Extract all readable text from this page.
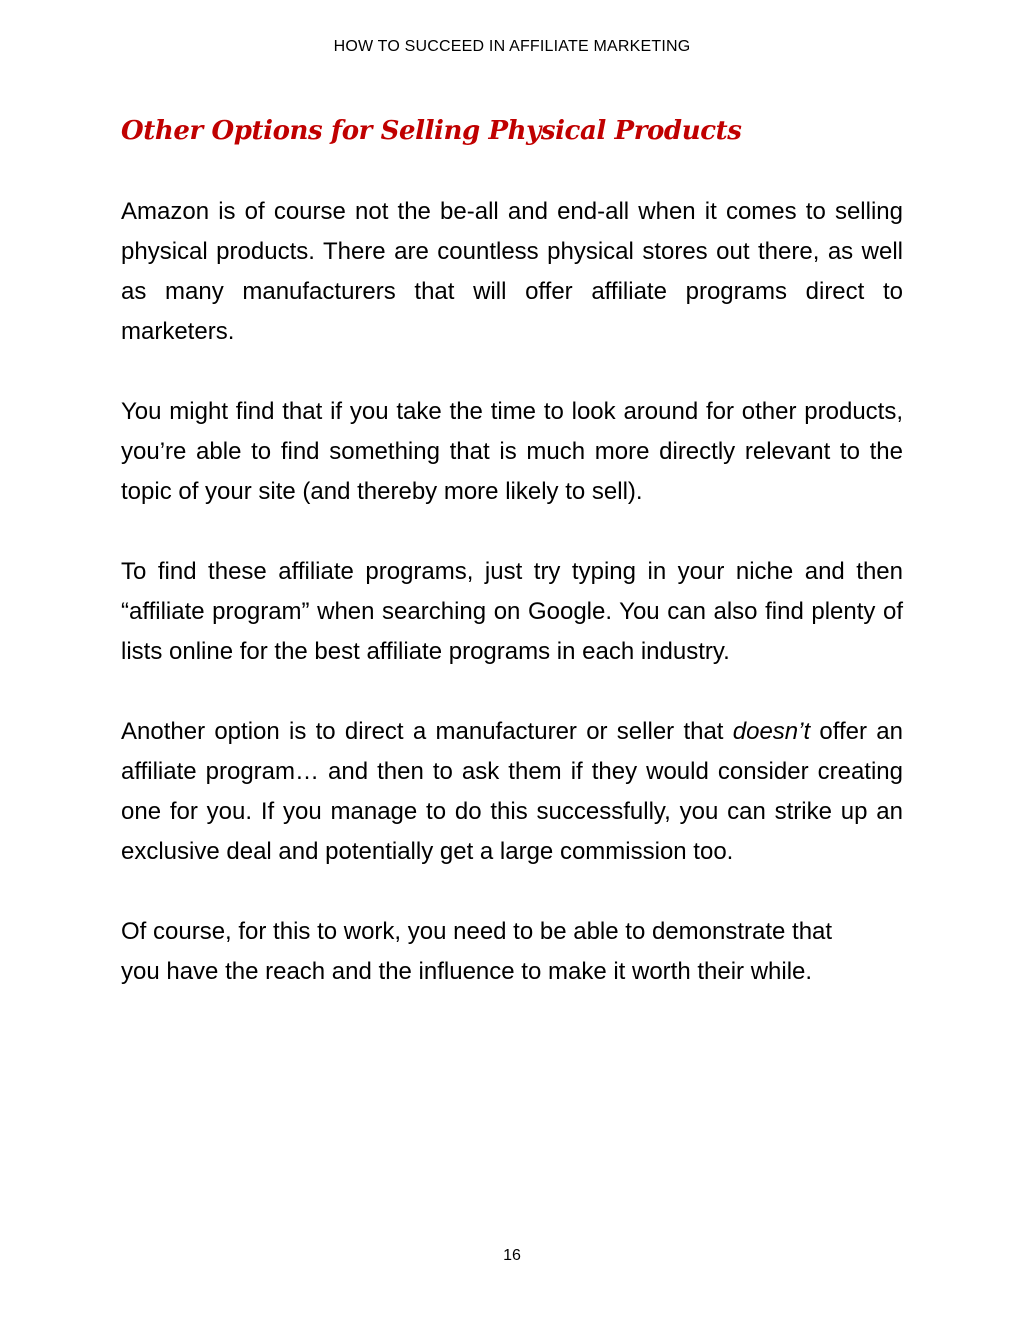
HOW TO SUCCEED IN AFFILIATE MARKETING
Other Options for Selling Physical Products

Amazon is of course not the be-all and end-all when it comes to selling physical products. There are countless physical stores out there, as well as many manufacturers that will offer affiliate programs direct to marketers.

You might find that if you take the time to look around for other products, you’re able to find something that is much more directly relevant to the topic of your site (and thereby more likely to sell).

To find these affiliate programs, just try typing in your niche and then “affiliate program” when searching on Google. You can also find plenty of lists online for the best affiliate programs in each industry.

Another option is to direct a manufacturer or seller that doesn’t offer an affiliate program… and then to ask them if they would consider creating one for you. If you manage to do this successfully, you can strike up an exclusive deal and potentially get a large commission too.

Of course, for this to work, you need to be able to demonstrate that you have the reach and the influence to make it worth their while.

16
